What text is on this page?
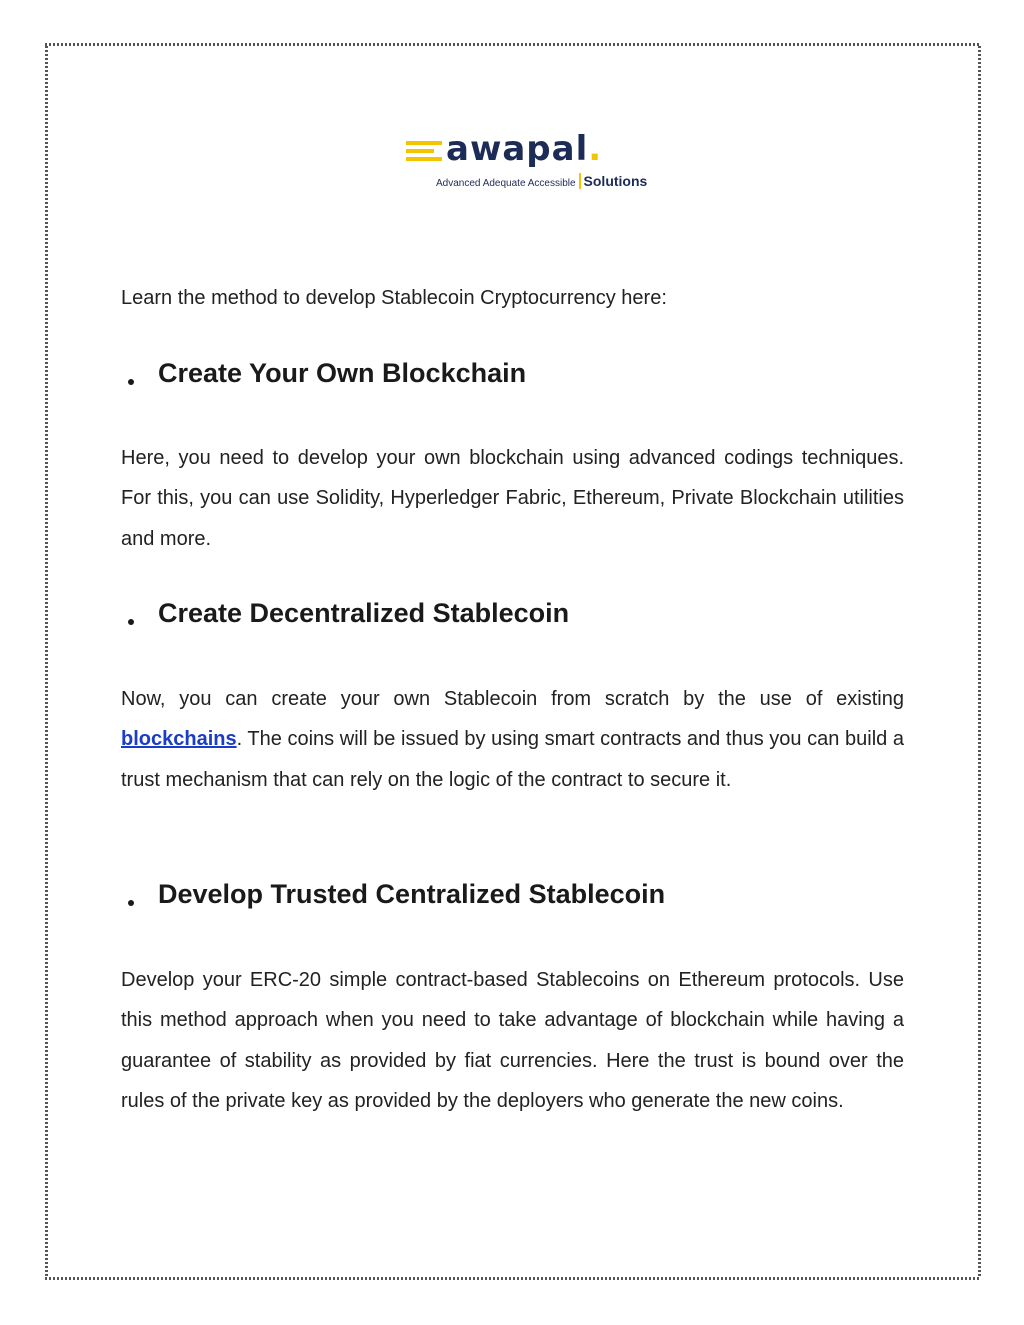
awapal.
Advanced Adequate Accessible Solutions
Learn the method to develop Stablecoin Cryptocurrency here:
Create Your Own Blockchain
Here, you need to develop your own blockchain using advanced codings techniques. For this, you can use Solidity, Hyperledger Fabric, Ethereum, Private Blockchain utilities and more.
Create Decentralized Stablecoin
Now, you can create your own Stablecoin from scratch by the use of existing blockchains. The coins will be issued by using smart contracts and thus you can build a trust mechanism that can rely on the logic of the contract to secure it.
Develop Trusted Centralized Stablecoin
Develop your ERC-20 simple contract-based Stablecoins on Ethereum protocols. Use this method approach when you need to take advantage of blockchain while having a guarantee of stability as provided by fiat currencies. Here the trust is bound over the rules of the private key as provided by the deployers who generate the new coins.
